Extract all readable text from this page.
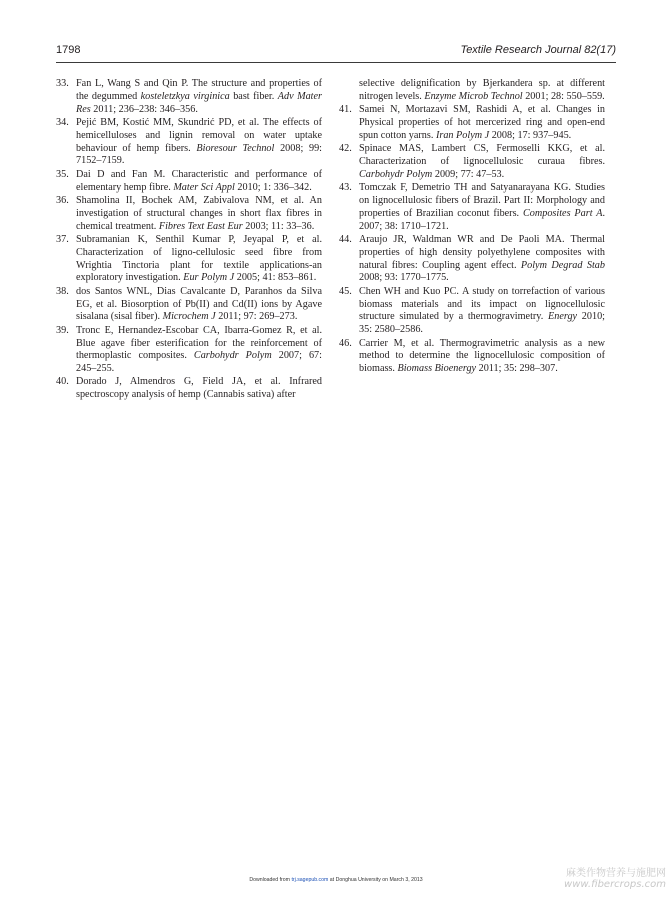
1798	Textile Research Journal 82(17)
33. Fan L, Wang S and Qin P. The structure and properties of the degummed kosteletzkya virginica bast fiber. Adv Mater Res 2011; 236–238: 346–356.
34. Pejić BM, Kostić MM, Skundrić PD, et al. The effects of hemicelluloses and lignin removal on water uptake behaviour of hemp fibers. Bioresour Technol 2008; 99: 7152–7159.
35. Dai D and Fan M. Characteristic and performance of elementary hemp fibre. Mater Sci Appl 2010; 1: 336–342.
36. Shamolina II, Bochek AM, Zabivalova NM, et al. An investigation of structural changes in short flax fibres in chemical treatment. Fibres Text East Eur 2003; 11: 33–36.
37. Subramanian K, Senthil Kumar P, Jeyapal P, et al. Characterization of ligno-cellulosic seed fibre from Wrightia Tinctoria plant for textile applications-an exploratory investigation. Eur Polym J 2005; 41: 853–861.
38. dos Santos WNL, Dias Cavalcante D, Paranhos da Silva EG, et al. Biosorption of Pb(II) and Cd(II) ions by Agave sisalana (sisal fiber). Microchem J 2011; 97: 269–273.
39. Tronc E, Hernandez-Escobar CA, Ibarra-Gomez R, et al. Blue agave fiber esterification for the reinforcement of thermoplastic composites. Carbohydr Polym 2007; 67: 245–255.
40. Dorado J, Almendros G, Field JA, et al. Infrared spectroscopy analysis of hemp (Cannabis sativa) after
selective delignification by Bjerkandera sp. at different nitrogen levels. Enzyme Microb Technol 2001; 28: 550–559.
41. Samei N, Mortazavi SM, Rashidi A, et al. Changes in Physical properties of hot mercerized ring and open-end spun cotton yarns. Iran Polym J 2008; 17: 937–945.
42. Spinace MAS, Lambert CS, Fermoselli KKG, et al. Characterization of lignocellulosic curaua fibres. Carbohydr Polym 2009; 77: 47–53.
43. Tomczak F, Demetrio TH and Satyanarayana KG. Studies on lignocellulosic fibers of Brazil. Part II: Morphology and properties of Brazilian coconut fibers. Composites Part A. 2007; 38: 1710–1721.
44. Araujo JR, Waldman WR and De Paoli MA. Thermal properties of high density polyethylene composites with natural fibres: Coupling agent effect. Polym Degrad Stab 2008; 93: 1770–1775.
45. Chen WH and Kuo PC. A study on torrefaction of various biomass materials and its impact on lignocellulosic structure simulated by a thermogravimetry. Energy 2010; 35: 2580–2586.
46. Carrier M, et al. Thermogravimetric analysis as a new method to determine the lignocellulosic composition of biomass. Biomass Bioenergy 2011; 35: 298–307.
Downloaded from trj.sagepub.com at Donghua University on March 3, 2013
麻类作物营养与施肥网
www.fibercrops.com
